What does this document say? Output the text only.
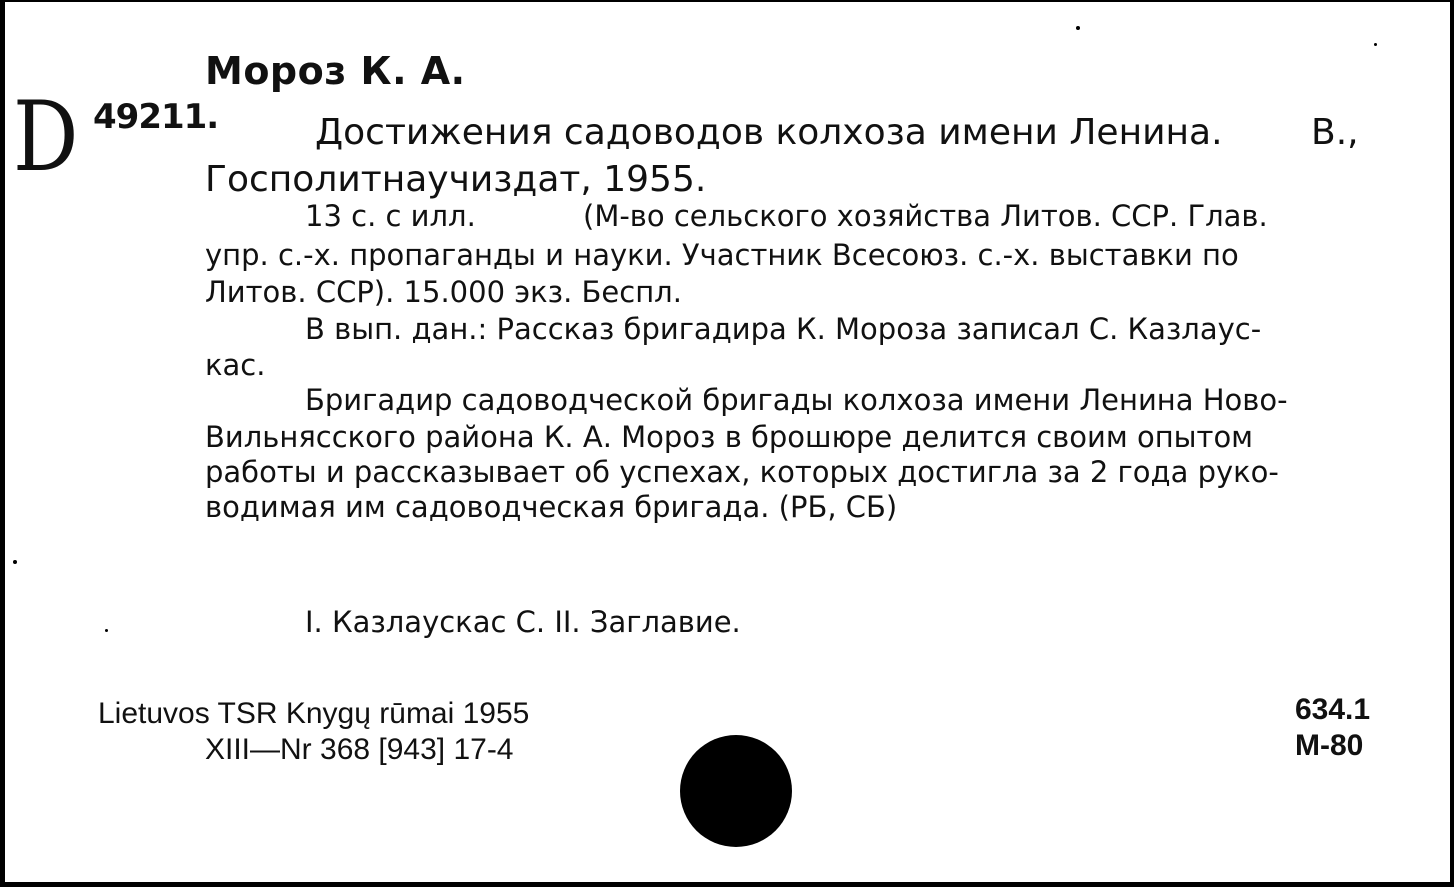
Мороз К. А.
D 49211.	Достижения садоводов колхоза имени Ленина. В.,
Госполитнаучиздат, 1955.
13 с. с илл.	(М-во сельского хозяйства Литов. ССР. Глав.
упр. с.-х. пропаганды и науки. Участник Всесоюз. с.-х. выставки по
Литов. ССР). 15.000 экз. Беспл.
В вып. дан.: Рассказ бригадира К. Мороза записал С. Казлаус-
кас.
Бригадир садоводческой бригады колхоза имени Ленина Ново-
Вильнясского района К. А. Мороз в брошюре делится своим опытом
работы и рассказывает об успехах, которых достигла за 2 года руко-
водимая им садоводческая бригада. (РБ, СБ)
I. Казлаускас С. II. Заглавие.
Lietuvos TSR Knygų rūmai 1955
XIII—Nr 368 [943] 17-4
634.1
М-80
